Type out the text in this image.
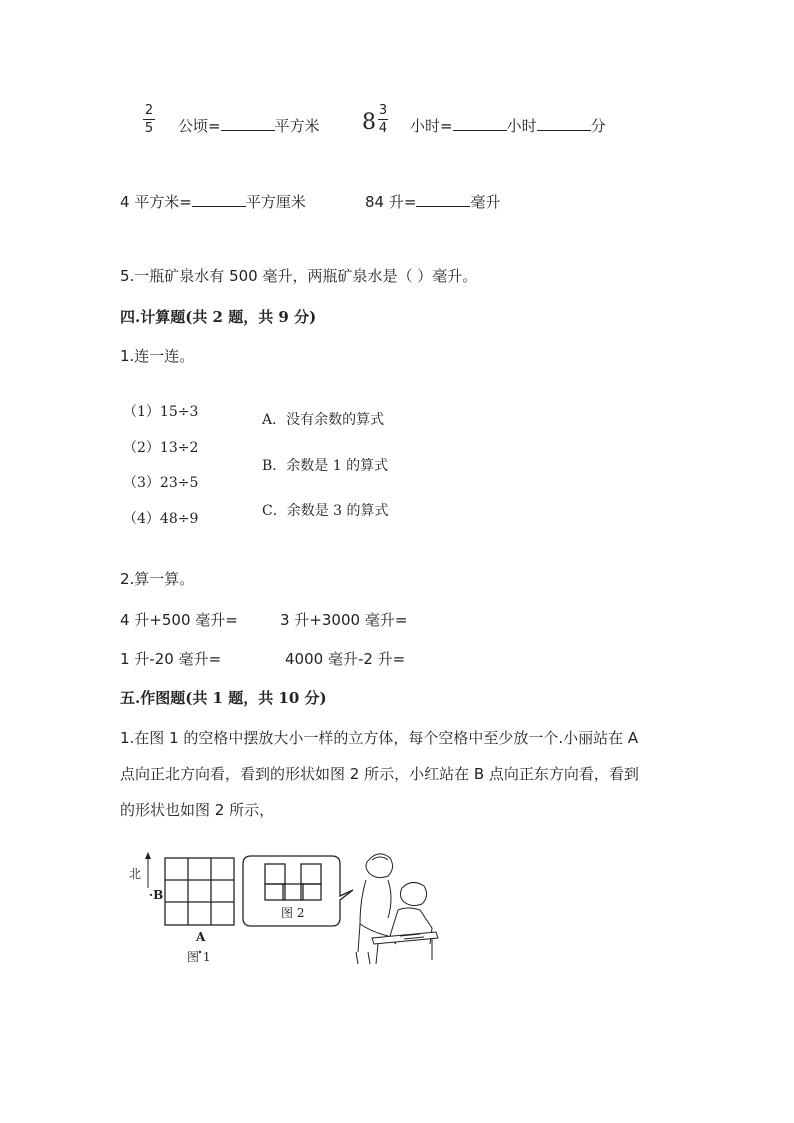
2
5 公顷=	平方米 8 3
4 小时=	小时	分
4 平方米=	平方厘米	84 升=	毫升
5.一瓶矿泉水有 500 毫升，两瓶矿泉水是（ ）毫升。
四.计算题(共 2 题，共 9 分)
1.连一连。
（1）15÷3
（2）13÷2
（3）23÷5
（4）48÷9
A．没有余数的算式
B．余数是 1 的算式
C．余数是 3 的算式
2.算一算。
4 升+500 毫升=	3 升+3000 毫升=
1 升-20 毫升=	4000 毫升-2 升=
五.作图题(共 1 题，共 10 分)
1.在图 1 的空格中摆放大小一样的立方体，每个空格中至少放一个.小丽站在 A
点向正北方向看，看到的形状如图 2 所示，小红站在 B 点向正东方向看，看到
的形状也如图 2 所示，
北
·B
A
图 1
图 2
